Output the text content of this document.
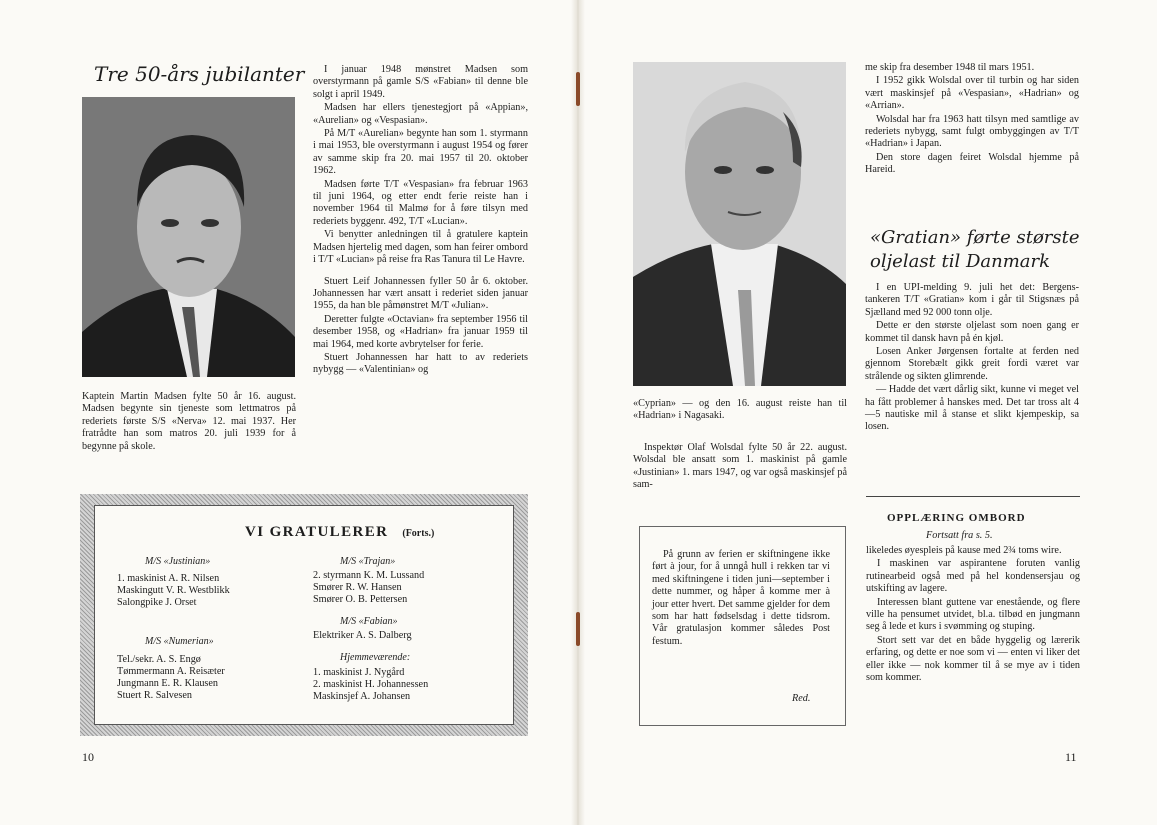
Tre 50-års jubilanter
Kaptein Martin Madsen fylte 50 år 16. august. Madsen begynte sin tjeneste som lettmatros på rederiets første S/S «Nerva» 12. mai 1937. Her fratrådte han som matros 20. juli 1939 for å begynne på skole.

I januar 1948 mønstret Madsen som overstyrmann på gamle S/S «Fabian» til denne ble solgt i april 1949.

Madsen har ellers tjenestegjort på «Appian», «Aurelian» og «Vespasian».

På M/T «Aurelian» begynte han som 1. styrmann i mai 1953, ble overstyrmann i august 1954 og fører av samme skip fra 20. mai 1957 til 20. oktober 1962.

Madsen førte T/T «Vespasian» fra februar 1963 til juni 1964, og etter endt ferie reiste han i november 1964 til Malmø for å føre tilsyn med rederiets byggenr. 492, T/T «Lucian».

Vi benytter anledningen til å gratulere kaptein Madsen hjertelig med dagen, som han feirer ombord i T/T «Lucian» på reise fra Ras Tanura til Le Havre.

Stuert Leif Johannessen fyller 50 år 6. oktober. Johannessen har vært ansatt i rederiet siden januar 1955, da han ble påmønstret M/T «Julian».

Deretter fulgte «Octavian» fra september 1956 til desember 1958, og «Hadrian» fra januar 1959 til mai 1964, med korte avbrytelser for ferie.

Stuert Johannessen har hatt to av rederiets nybygg — «Valentinian» og

VI GRATULERER (Forts.)
M/S «Justinian»
1. maskinist A. R. Nilsen
Maskingutt V. R. Westblikk
Salongpike J. Orset
M/S «Numerian»
Tel./sekr. A. S. Engø
Tømmermann A. Reisæter
Jungmann E. R. Klausen
Stuert R. Salvesen
M/S «Trajan»
2. styrmann K. M. Lussand
Smører R. W. Hansen
Smører O. B. Pettersen
M/S «Fabian»
Elektriker A. S. Dalberg
Hjemmeværende:
1. maskinist J. Nygård
2. maskinist H. Johannessen
Maskinsjef A. Johansen
10
«Cyprian» — og den 16. august reiste han til «Hadrian» i Nagasaki.

Inspektør Olaf Wolsdal fylte 50 år 22. august. Wolsdal ble ansatt som 1. maskinist på gamle «Justinian» 1. mars 1947, og var også maskinsjef på sam-

me skip fra desember 1948 til mars 1951.

I 1952 gikk Wolsdal over til turbin og har siden vært maskinsjef på «Vespasian», «Hadrian» og «Arrian».

Wolsdal har fra 1963 hatt tilsyn med samtlige av rederiets nybygg, samt fulgt ombyggingen av T/T «Hadrian» i Japan.

Den store dagen feiret Wolsdal hjemme på Hareid.

«Gratian» førte største
oljelast til Danmark

I en UPI-melding 9. juli het det: Bergens-tankeren T/T «Gratian» kom i går til Stigsnæs på Sjælland med 92 000 tonn olje.

Dette er den største oljelast som noen gang er kommet til dansk havn på én kjøl.

Losen Anker Jørgensen fortalte at ferden ned gjennom Storebælt gikk greit fordi været var strålende og sikten glimrende.

— Hadde det vært dårlig sikt, kunne vi meget vel ha fått problemer å hanskes med. Det tar tross alt 4—5 nautiske mil å stanse et slikt kjempeskip, sa losen.

På grunn av ferien er skiftningene ikke ført à jour, for å unngå hull i rekken tar vi med skiftningene i tiden juni—september i dette nummer, og håper å komme mer à jour etter hvert. Det samme gjelder for dem som har hatt fødselsdag i dette tidsrom. Vår gratulasjon kommer således Post festum.

Red.
OPPLÆRING OMBORD
Fortsatt fra s. 5.

likeledes øyespleis på kause med 2¾ toms wire.

I maskinen var aspirantene foruten vanlig rutinearbeid også med på hel kondensersjau og utskifting av lagere.

Interessen blant guttene var enestående, og flere ville ha pensumet utvidet, bl.a. tilbød en jungmann seg å lede et kurs i svømming og stuping.

Stort sett var det en både hyggelig og lærerik erfaring, og dette er noe som vi — enten vi liker det eller ikke — nok kommer til å se mye av i tiden som kommer.

11
